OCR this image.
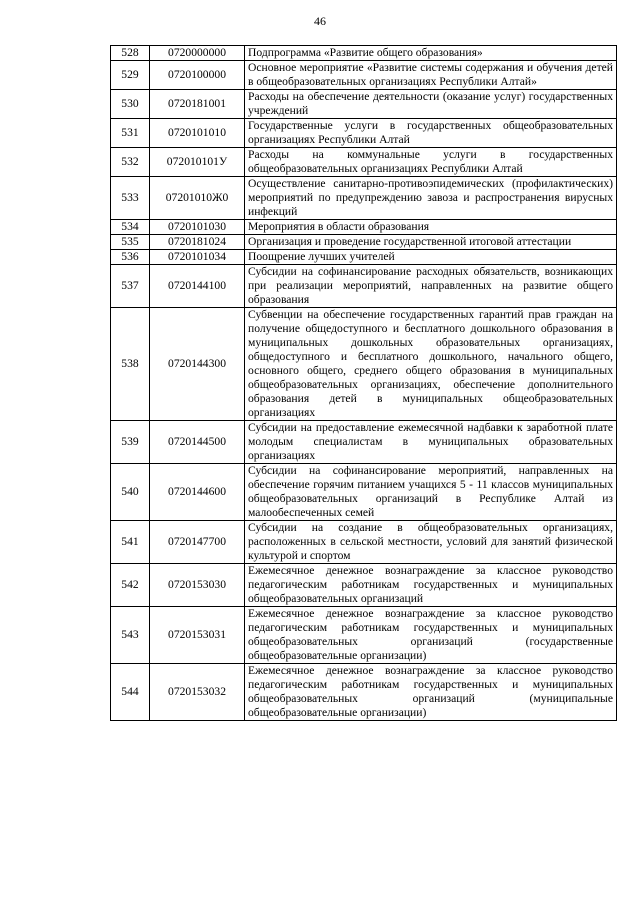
46
528	0720000000	Подпрограмма «Развитие общего образования»
529	0720100000	Основное мероприятие «Развитие системы содержания и обучения детей в общеобразовательных организациях Республики Алтай»
530	0720181001	Расходы на обеспечение деятельности (оказание услуг) государственных учреждений
531	0720101010	Государственные услуги в государственных общеобразовательных организациях Республики Алтай
532	072010101У	Расходы на коммунальные услуги в государственных общеобразовательных организациях Республики Алтай
533	07201010Ж0	Осуществление санитарно-противоэпидемических (профилактических) мероприятий по предупреждению завоза и распространения вирусных инфекций
534	0720101030	Мероприятия в области образования
535	0720181024	Организация и проведение государственной итоговой аттестации
536	0720101034	Поощрение лучших учителей
537	0720144100	Субсидии на софинансирование расходных обязательств, возникающих при реализации мероприятий, направленных на развитие общего образования
538	0720144300	Субвенции на обеспечение государственных гарантий прав граждан на получение общедоступного и бесплатного дошкольного образования в муниципальных дошкольных образовательных организациях, общедоступного и бесплатного дошкольного, начального общего, основного общего, среднего общего образования в муниципальных общеобразовательных организациях, обеспечение дополнительного образования детей в муниципальных общеобразовательных организациях
539	0720144500	Субсидии на предоставление ежемесячной надбавки к заработной плате молодым специалистам в муниципальных образовательных организациях
540	0720144600	Субсидии на софинансирование мероприятий, направленных на обеспечение горячим питанием учащихся 5 - 11 классов муниципальных общеобразовательных организаций в Республике Алтай из малообеспеченных семей
541	0720147700	Субсидии на создание в общеобразовательных организациях, расположенных в сельской местности, условий для занятий физической культурой и спортом
542	0720153030	Ежемесячное денежное вознаграждение за классное руководство педагогическим работникам государственных и муниципальных общеобразовательных организаций
543	0720153031	Ежемесячное денежное вознаграждение за классное руководство педагогическим работникам государственных и муниципальных общеобразовательных организаций (государственные общеобразовательные организации)
544	0720153032	Ежемесячное денежное вознаграждение за классное руководство педагогическим работникам государственных и муниципальных общеобразовательных организаций (муниципальные общеобразовательные организации)
